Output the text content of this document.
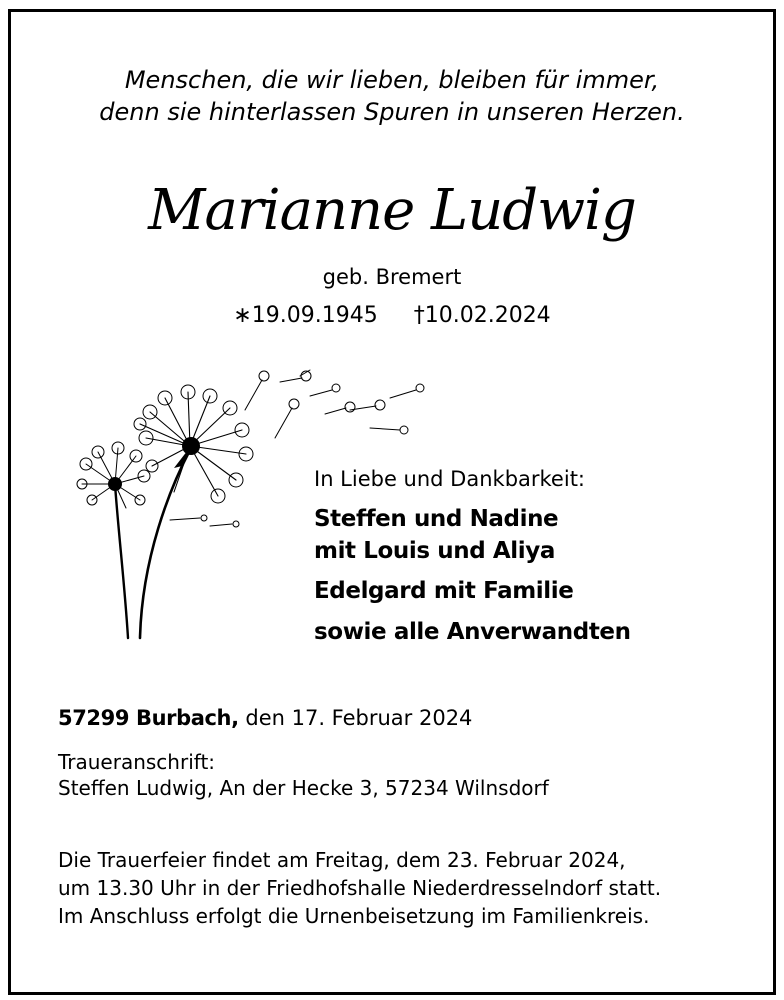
Menschen, die wir lieben, bleiben für immer,
denn sie hinterlassen Spuren in unseren Herzen.
Marianne Ludwig
geb. Bremert
∗19.09.1945 †10.02.2024
In Liebe und Dankbarkeit:
Steffen und Nadine
mit Louis und Aliya
Edelgard mit Familie
sowie alle Anverwandten
57299 Burbach, den 17. Februar 2024
Traueranschrift:
Steffen Ludwig, An der Hecke 3, 57234 Wilnsdorf
Die Trauerfeier findet am Freitag, dem 23. Februar 2024,
um 13.30 Uhr in der Friedhofshalle Niederdresselndorf statt.
Im Anschluss erfolgt die Urnenbeisetzung im Familienkreis.
